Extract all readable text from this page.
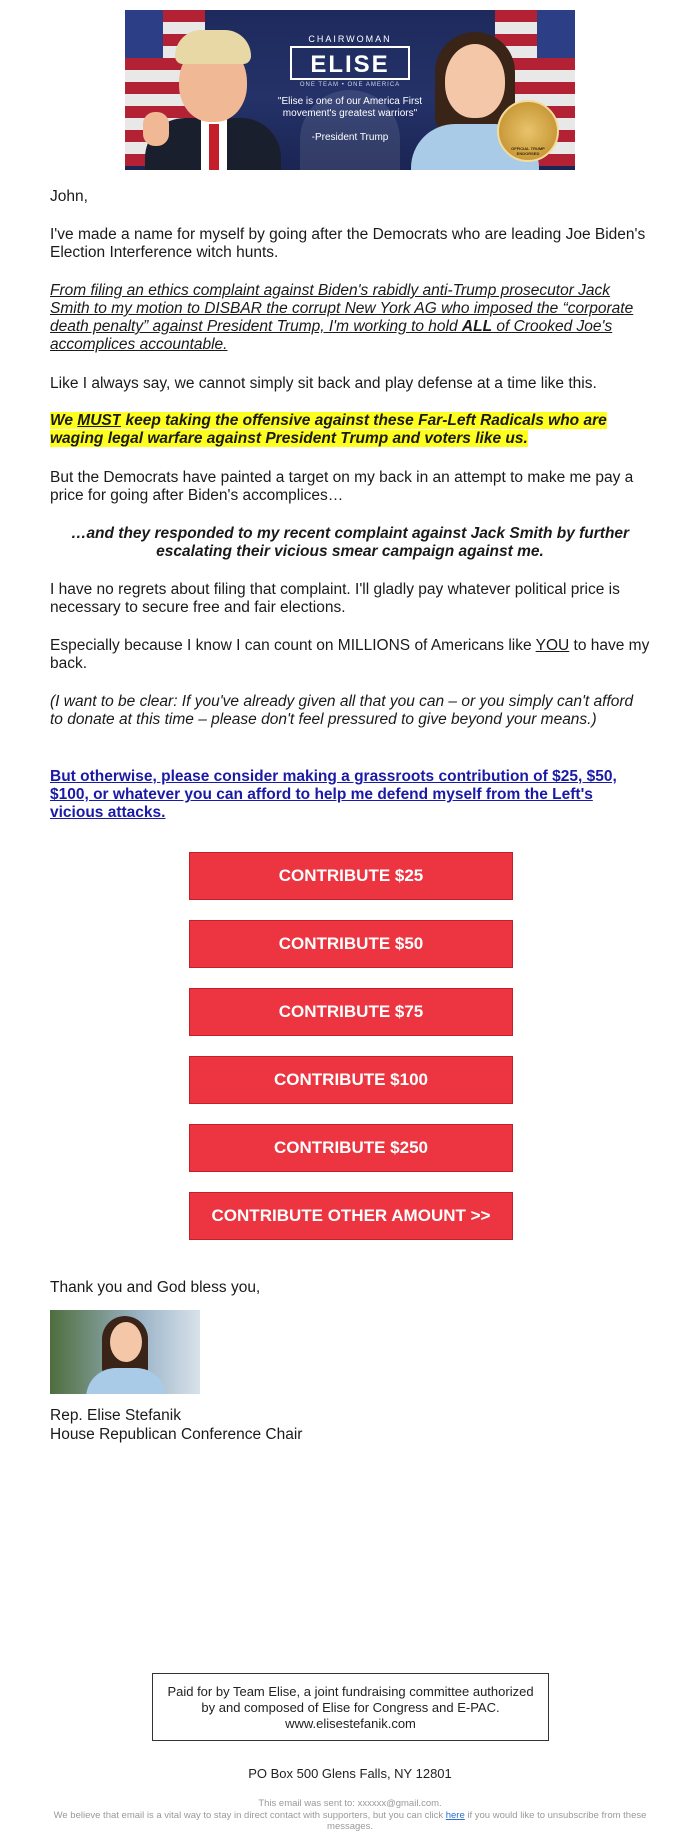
CHAIRWOMAN
ELISE
ONE TEAM • ONE AMERICA
"Elise is one of our America First movement's greatest warriors"
-President Trump
OFFICIAL TRUMP ENDORSED
John,
I've made a name for myself by going after the Democrats who are leading Joe Biden's Election Interference witch hunts.
From filing an ethics complaint against Biden's rabidly anti-Trump prosecutor Jack Smith to my motion to DISBAR the corrupt New York AG who imposed the “corporate death penalty” against President Trump, I'm working to hold ALL of Crooked Joe's accomplices accountable.
Like I always say, we cannot simply sit back and play defense at a time like this.
We MUST keep taking the offensive against these Far-Left Radicals who are waging legal warfare against President Trump and voters like us.
But the Democrats have painted a target on my back in an attempt to make me pay a price for going after Biden's accomplices…
…and they responded to my recent complaint against Jack Smith by further escalating their vicious smear campaign against me.
I have no regrets about filing that complaint. I'll gladly pay whatever political price is necessary to secure free and fair elections.
Especially because I know I can count on MILLIONS of Americans like YOU to have my back.
(I want to be clear: If you've already given all that you can – or you simply can't afford to donate at this time – please don't feel pressured to give beyond your means.)
But otherwise, please consider making a grassroots contribution of $25, $50, $100, or whatever you can afford to help me defend myself from the Left's vicious attacks.
CONTRIBUTE $25
CONTRIBUTE $50
CONTRIBUTE $75
CONTRIBUTE $100
CONTRIBUTE $250
CONTRIBUTE OTHER AMOUNT >>
Thank you and God bless you,
Rep. Elise Stefanik
House Republican Conference Chair
Paid for by Team Elise, a joint fundraising committee authorized by and composed of Elise for Congress and E-PAC. www.elisestefanik.com
PO Box 500 Glens Falls, NY 12801
This email was sent to: xxxxxx@gmail.com.
We believe that email is a vital way to stay in direct contact with supporters, but you can click here if you would like to unsubscribe from these messages.
